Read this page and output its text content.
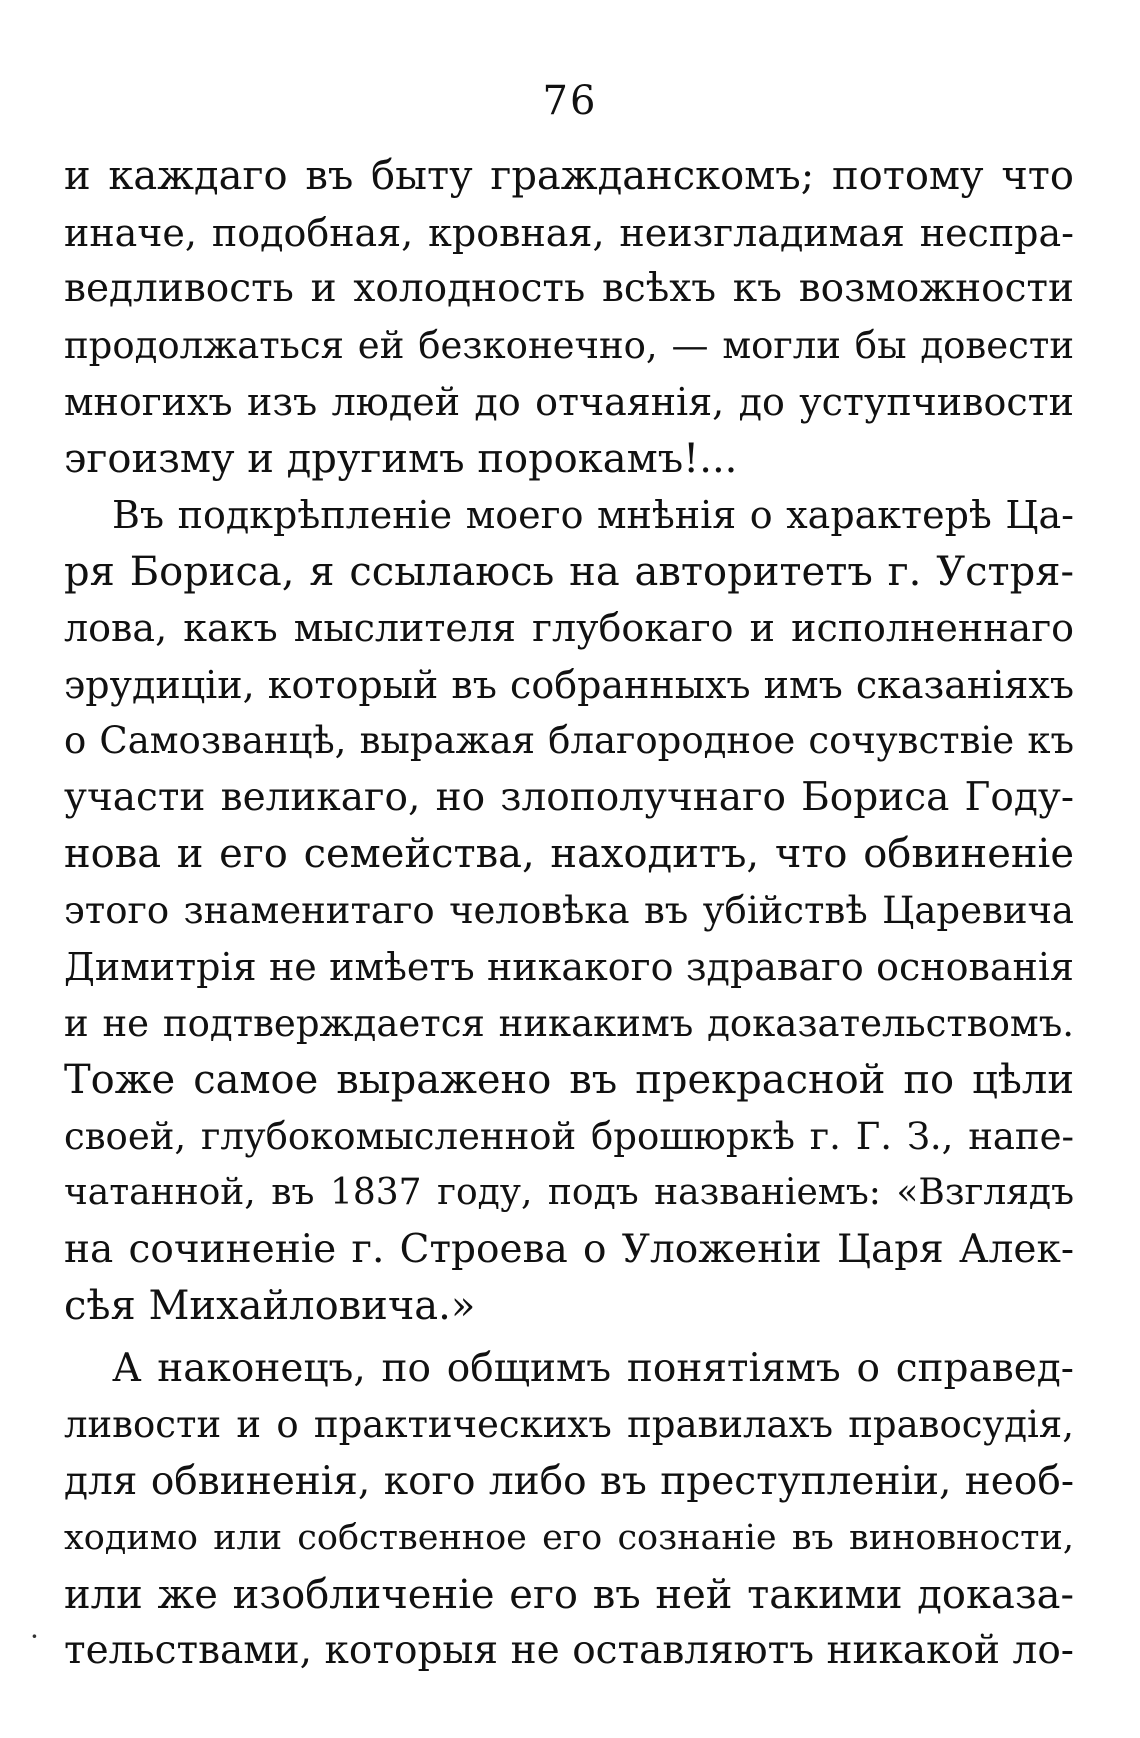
76
и каждаго въ быту гражданскомъ; потому что
иначе, подобная, кровная, неизгладимая неспра-
ведливость и холодность всѣхъ къ возможности
продолжаться ей безконечно, — могли бы довести
многихъ изъ людей до отчаянія, до уступчивости
эгоизму и другимъ порокамъ!...
Въ подкрѣпленіе моего мнѣнія о характерѣ Ца-
ря Бориса, я ссылаюсь на авторитетъ г. Устря-
лова, какъ мыслителя глубокаго и исполненнаго
эрудиціи, который въ собранныхъ имъ сказаніяхъ
о Самозванцѣ, выражая благородное сочувствіе къ
участи великаго, но злополучнаго Бориса Году-
нова и его семейства, находитъ, что обвиненіе
этого знаменитаго человѣка въ убійствѣ Царевича
Димитрія не имѣетъ никакого здраваго основанія
и не подтверждается никакимъ доказательствомъ.
Тоже самое выражено въ прекрасной по цѣли
своей, глубокомысленной брошюркѣ г. Г. З., напе-
чатанной, въ 1837 году, подъ названіемъ: «Взглядъ
на сочиненіе г. Строева о Уложеніи Царя Алек-
сѣя Михайловича.»
А наконецъ, по общимъ понятіямъ о справед-
ливости и о практическихъ правилахъ правосудія,
для обвиненія, кого либо въ преступленіи, необ-
ходимо или собственное его сознаніе въ виновности,
или же изобличеніе его въ ней такими доказа-
тельствами, которыя не оставляютъ никакой ло-
·
